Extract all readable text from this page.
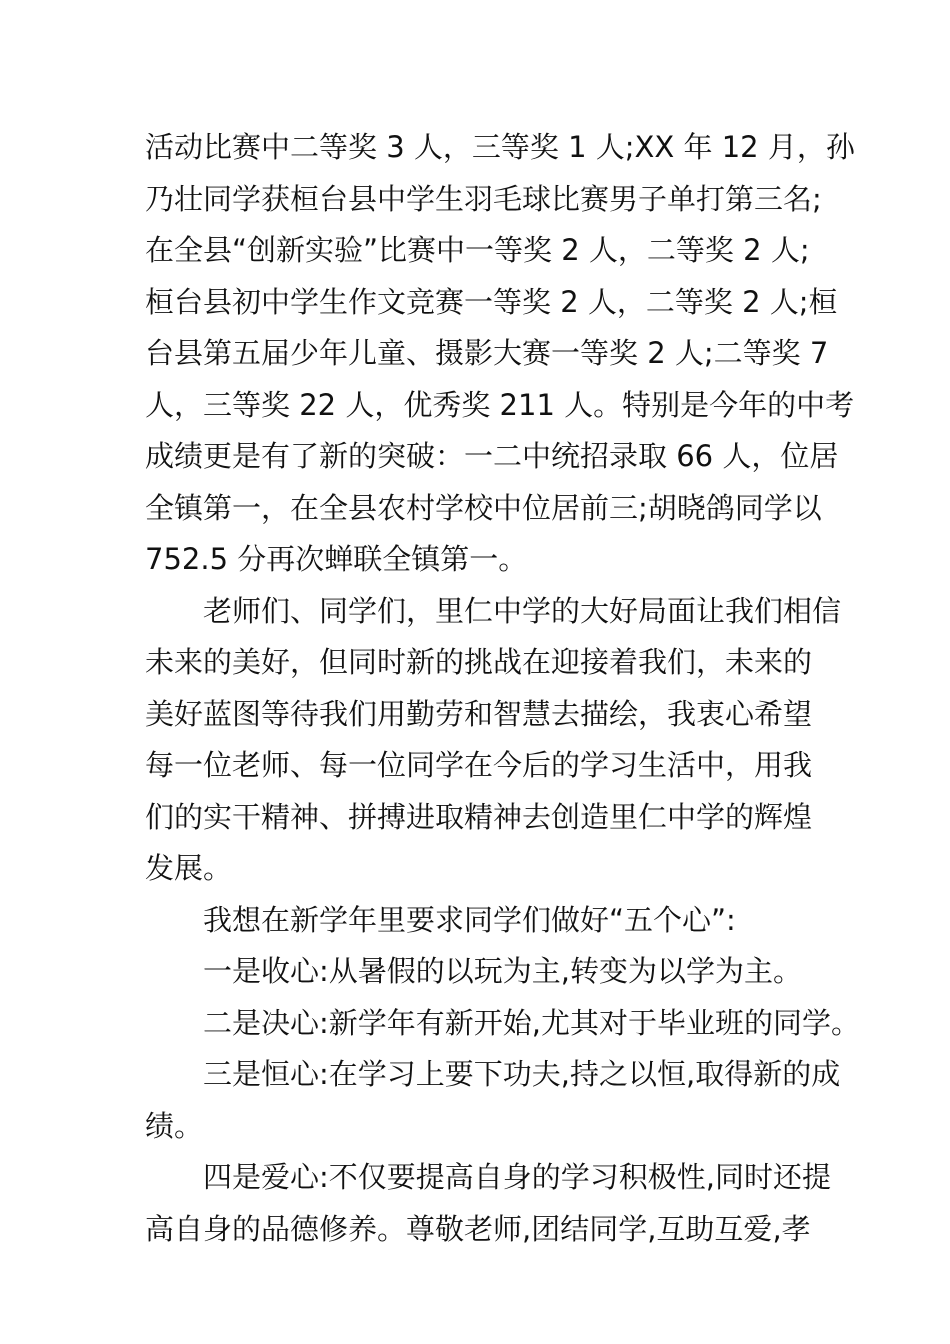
活动比赛中二等奖 3 人，三等奖 1 人;XX 年 12 月，孙
乃壮同学获桓台县中学生羽毛球比赛男子单打第三名;
在全县“创新实验”比赛中一等奖 2 人，二等奖 2 人;
桓台县初中学生作文竞赛一等奖 2 人，二等奖 2 人;桓
台县第五届少年儿童、摄影大赛一等奖 2 人;二等奖 7
人，三等奖 22 人，优秀奖 211 人。特别是今年的中考
成绩更是有了新的突破：一二中统招录取 66 人，位居
全镇第一，在全县农村学校中位居前三;胡晓鸽同学以
752.5 分再次蝉联全镇第一。

老师们、同学们，里仁中学的大好局面让我们相信
未来的美好，但同时新的挑战在迎接着我们，未来的
美好蓝图等待我们用勤劳和智慧去描绘，我衷心希望
每一位老师、每一位同学在今后的学习生活中，用我
们的实干精神、拼搏进取精神去创造里仁中学的辉煌
发展。

我想在新学年里要求同学们做好“五个心”:

一是收心:从暑假的以玩为主,转变为以学为主。

二是决心:新学年有新开始,尤其对于毕业班的同学。

三是恒心:在学习上要下功夫,持之以恒,取得新的成
绩。

四是爱心:不仅要提高自身的学习积极性,同时还提
高自身的品德修养。尊敬老师,团结同学,互助互爱,孝
